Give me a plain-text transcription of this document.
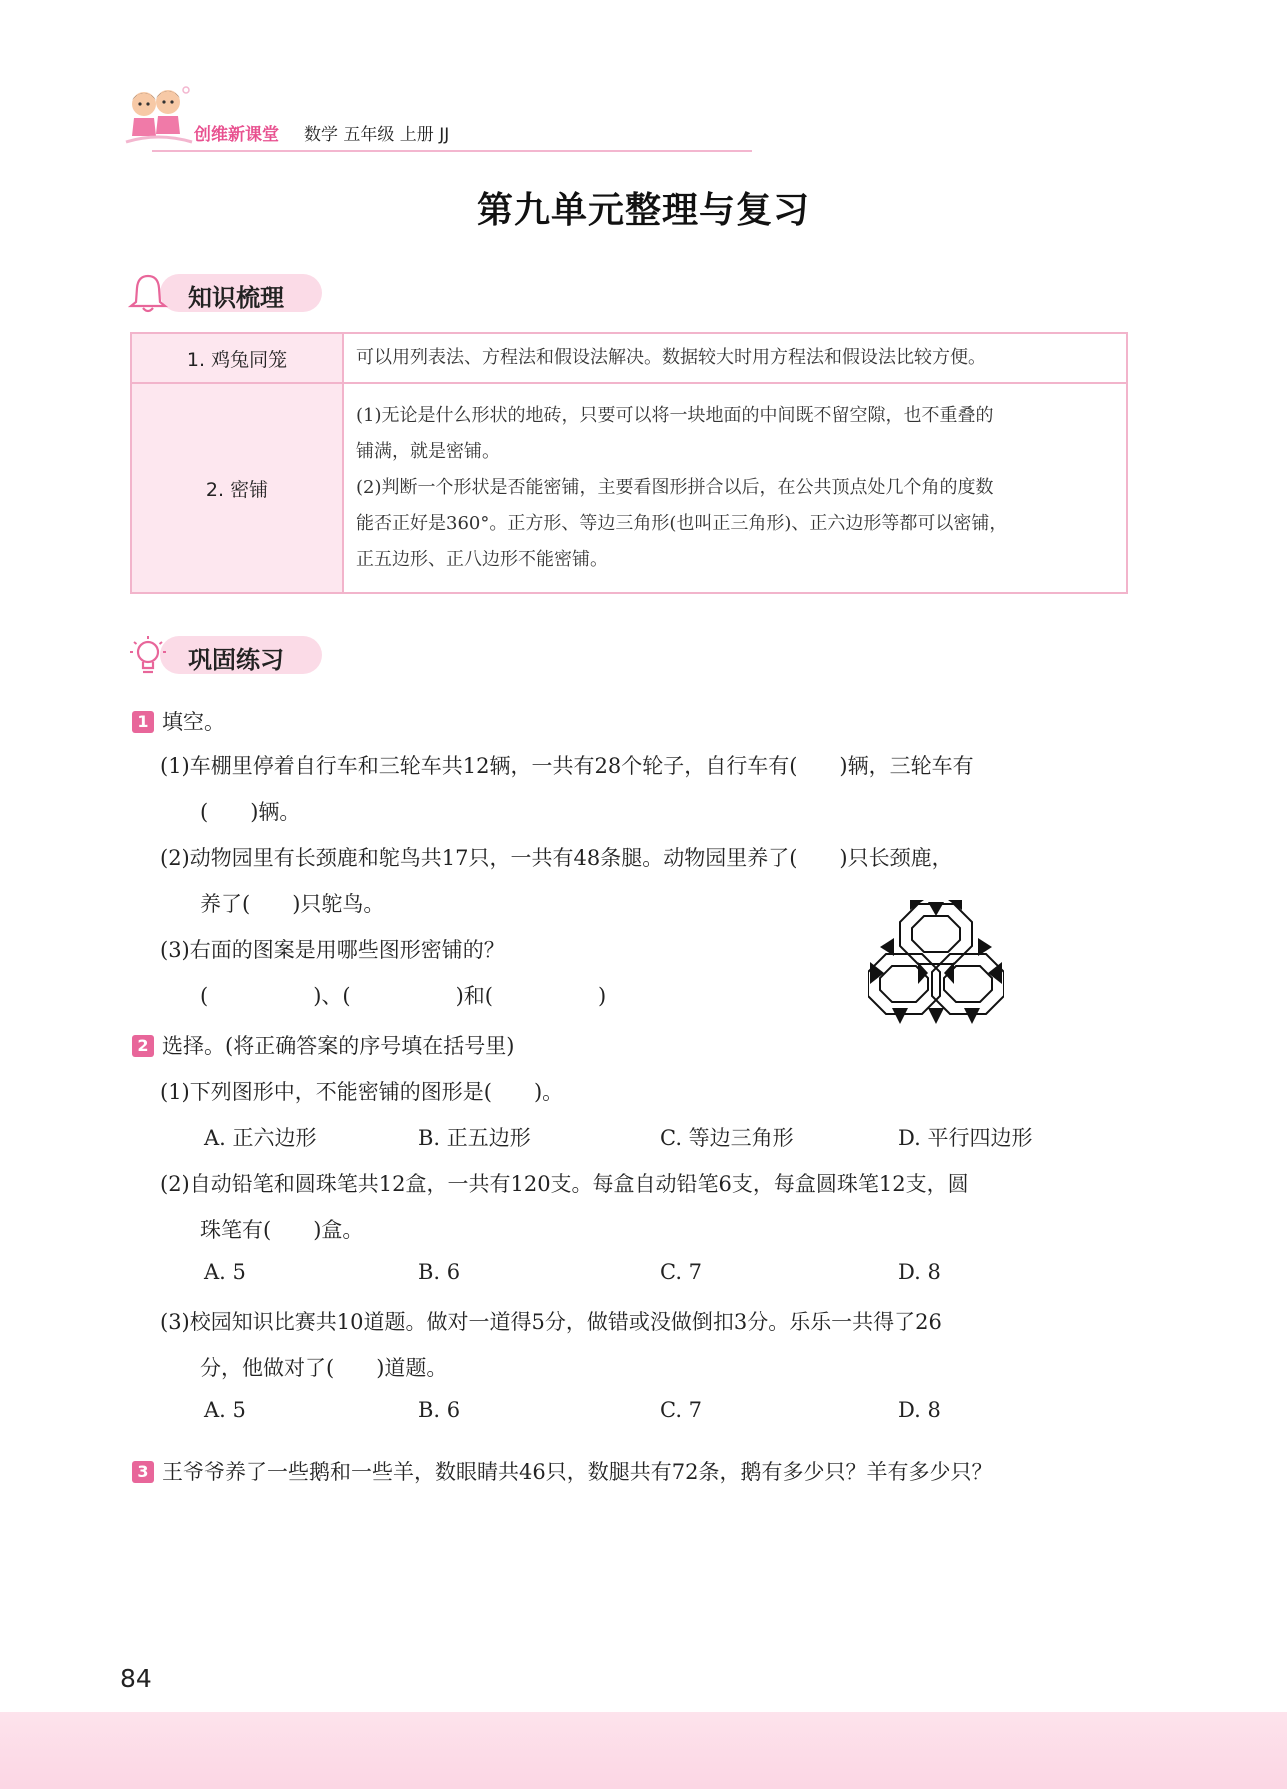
创维新课堂 数学 五年级 上册 JJ
第九单元整理与复习
知识梳理
1. 鸡兔同笼	可以用列表法、方程法和假设法解决。数据较大时用方程法和假设法比较方便。

2. 密铺	(1)无论是什么形状的地砖，只要可以将一块地面的中间既不留空隙，也不重叠的

铺满，就是密铺。

(2)判断一个形状是否能密铺，主要看图形拼合以后，在公共顶点处几个角的度数

能否正好是360°。正方形、等边三角形(也叫正三角形)、正六边形等都可以密铺，

正五边形、正八边形不能密铺。

巩固练习
1 填空。
(1)车棚里停着自行车和三轮车共12辆，一共有28个轮子，自行车有(　　)辆，三轮车有
(　　)辆。
(2)动物园里有长颈鹿和鸵鸟共17只，一共有48条腿。动物园里养了(　　)只长颈鹿，
养了(　　)只鸵鸟。
(3)右面的图案是用哪些图形密铺的？
(　　　　　)、(　　　　　)和(　　　　　)
2 选择。(将正确答案的序号填在括号里)
(1)下列图形中，不能密铺的图形是(　　)。
A. 正六边形	B. 正五边形	C. 等边三角形	D. 平行四边形
(2)自动铅笔和圆珠笔共12盒，一共有120支。每盒自动铅笔6支，每盒圆珠笔12支，圆
珠笔有(　　)盒。
A. 5	B. 6	C. 7	D. 8
(3)校园知识比赛共10道题。做对一道得5分，做错或没做倒扣3分。乐乐一共得了26
分，他做对了(　　)道题。
A. 5	B. 6	C. 7	D. 8
3 王爷爷养了一些鹅和一些羊，数眼睛共46只，数腿共有72条，鹅有多少只？羊有多少只？
84
